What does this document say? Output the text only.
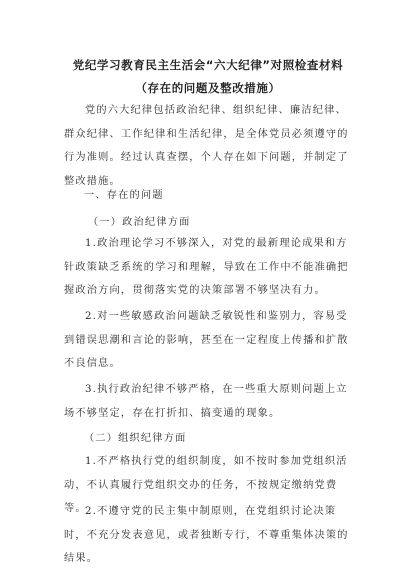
党纪学习教育民主生活会“六大纪律”对照检查材料（存在的问题及整改措施）
党的六大纪律包括政治纪律、组织纪律、廉洁纪律、群众纪律、工作纪律和生活纪律，是全体党员必须遵守的行为准则。经过认真查摆，个人存在如下问题，并制定了整改措施。
一、存在的问题
（一）政治纪律方面
1.政治理论学习不够深入，对党的最新理论成果和方针政策缺乏系统的学习和理解，导致在工作中不能准确把握政治方向，贯彻落实党的决策部署不够坚决有力。
2.对一些敏感政治问题缺乏敏锐性和鉴别力，容易受到错误思潮和言论的影响，甚至在一定程度上传播和扩散不良信息。
3.执行政治纪律不够严格，在一些重大原则问题上立场不够坚定，存在打折扣、搞变通的现象。
（二）组织纪律方面
1.不严格执行党的组织制度，如不按时参加党组织活动，不认真履行党组织交办的任务，不按规定缴纳党费等。
2.不遵守党的民主集中制原则，在党组织讨论决策时，不充分发表意见，或者独断专行，不尊重集体决策的结果。
